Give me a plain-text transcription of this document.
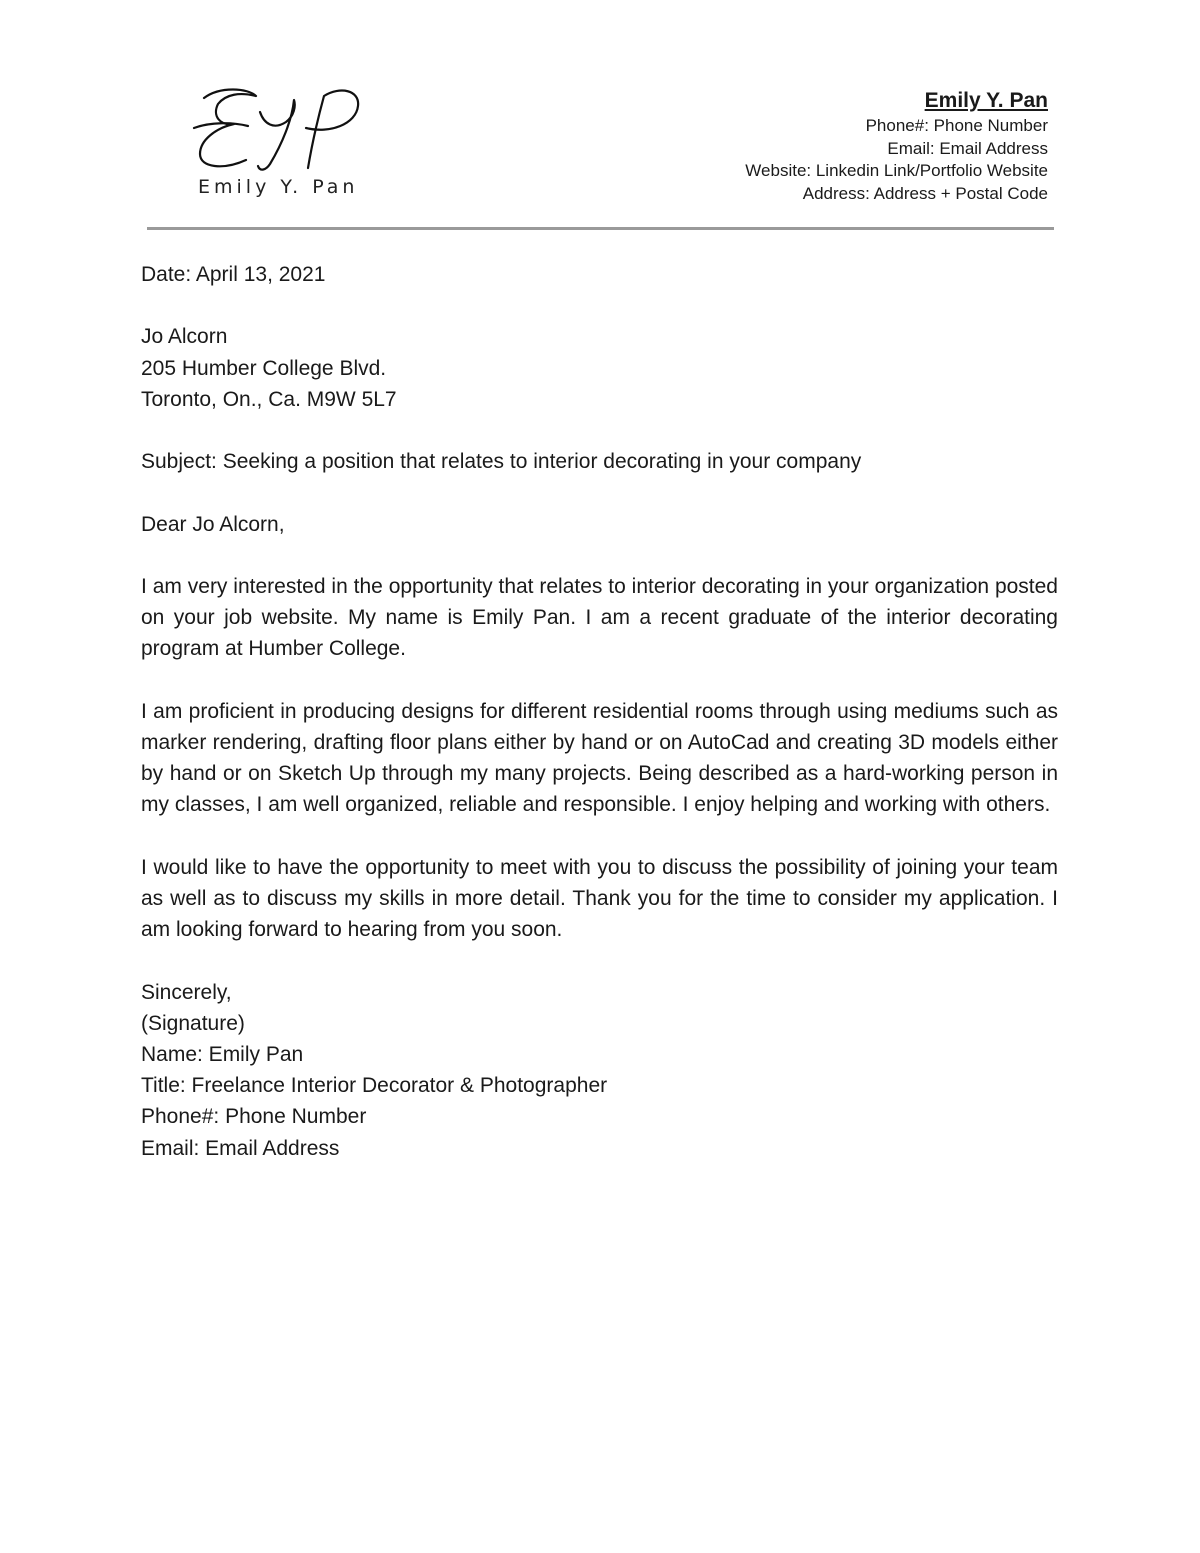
Emily Y. Pan
Emily Y. Pan
Phone#: Phone Number
Email: Email Address
Website: Linkedin Link/Portfolio Website
Address: Address + Postal Code

Date: April 13, 2021

Jo Alcorn
205 Humber College Blvd.
Toronto, On., Ca. M9W 5L7

Subject: Seeking a position that relates to interior decorating in your company

Dear Jo Alcorn,

I am very interested in the opportunity that relates to interior decorating in your organization posted on your job website. My name is Emily Pan. I am a recent graduate of the interior decorating program at Humber College.

I am proficient in producing designs for different residential rooms through using mediums such as marker rendering, drafting floor plans either by hand or on AutoCad and creating 3D models either by hand or on Sketch Up through my many projects. Being described as a hard-working person in my classes, I am well organized, reliable and responsible. I enjoy helping and working with others.

I would like to have the opportunity to meet with you to discuss the possibility of joining your team as well as to discuss my skills in more detail. Thank you for the time to consider my application. I am looking forward to hearing from you soon.

Sincerely,
(Signature)
Name: Emily Pan
Title: Freelance Interior Decorator & Photographer
Phone#: Phone Number
Email: Email Address
